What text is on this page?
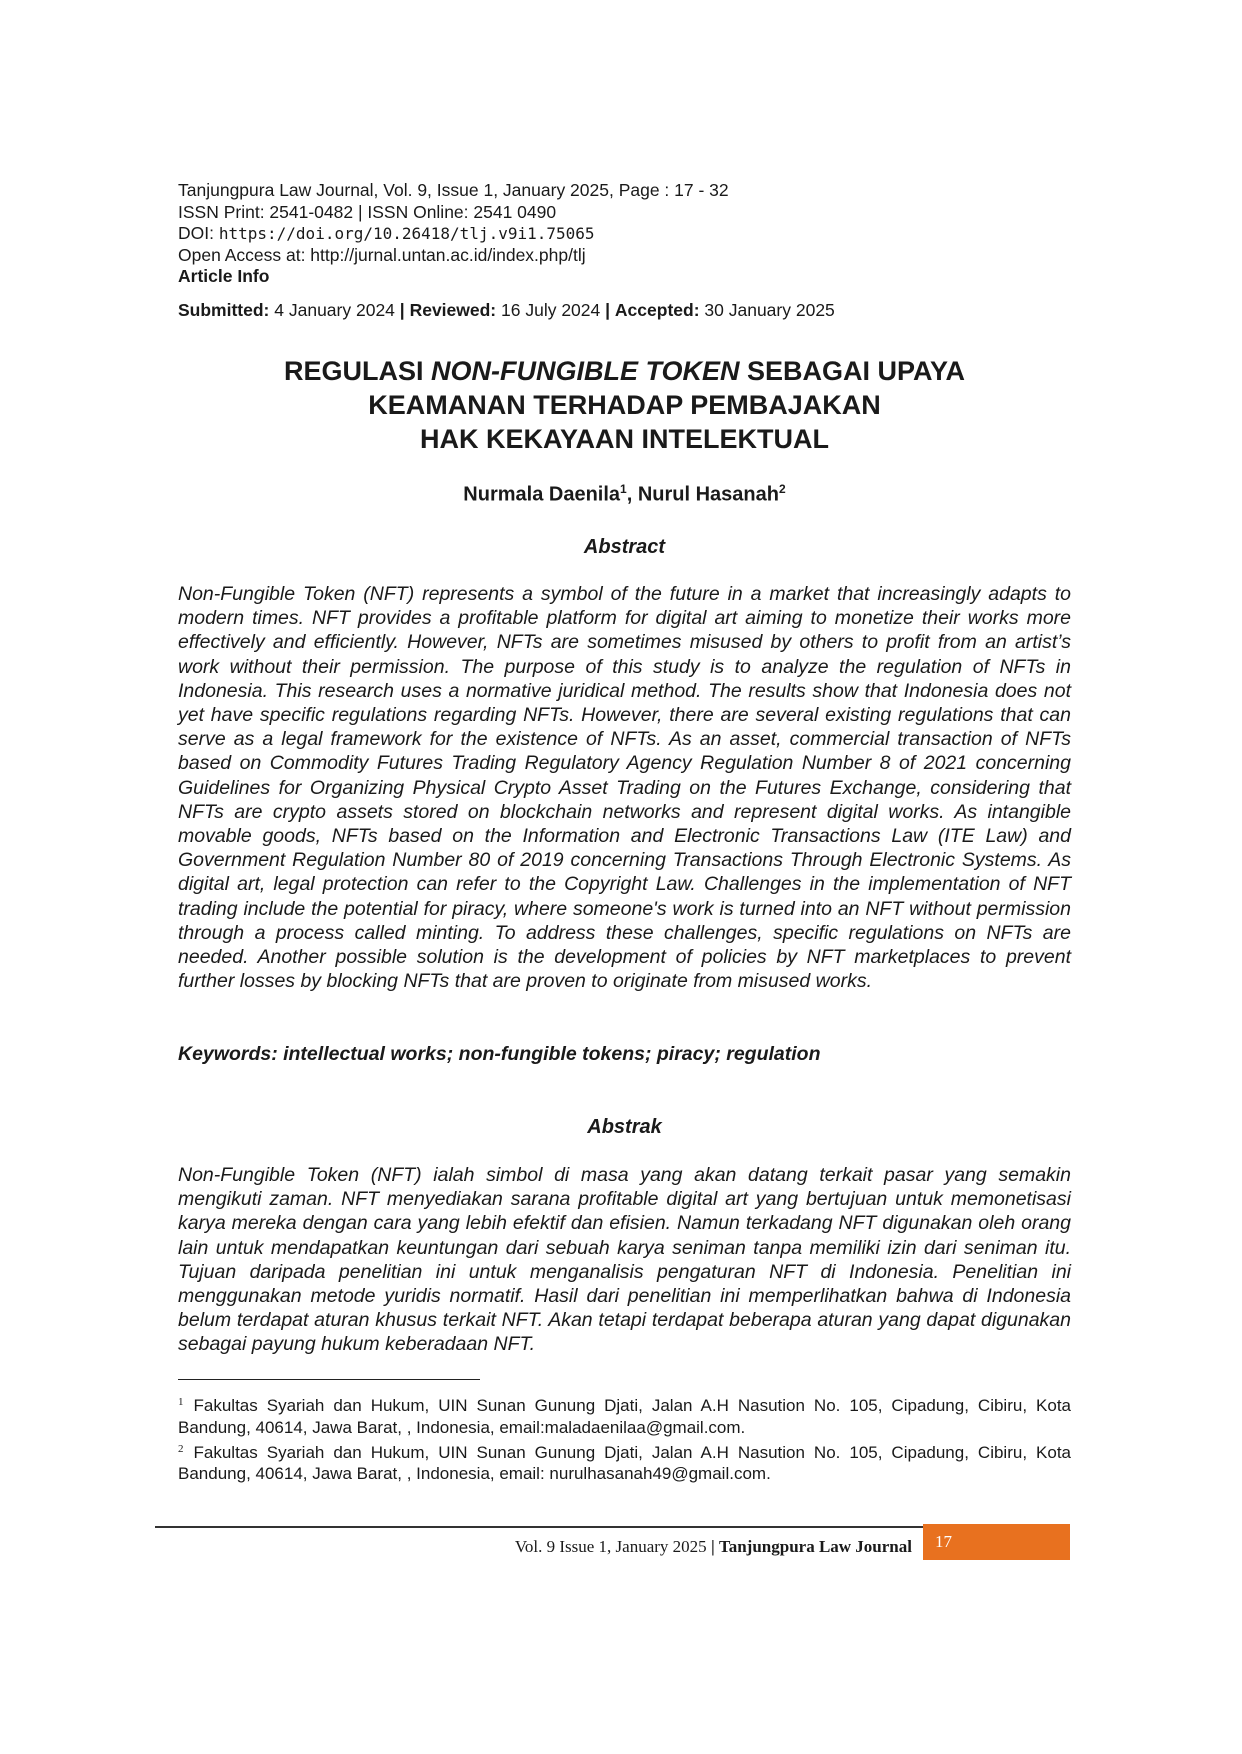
Tanjungpura Law Journal, Vol. 9, Issue 1, January 2025, Page : 17 - 32
ISSN Print: 2541-0482 | ISSN Online: 2541 0490
DOI: https://doi.org/10.26418/tlj.v9i1.75065
Open Access at: http://jurnal.untan.ac.id/index.php/tlj
Article Info
Submitted: 4 January 2024 | Reviewed: 16 July 2024 | Accepted: 30 January 2025
REGULASI NON-FUNGIBLE TOKEN SEBAGAI UPAYA
KEAMANAN TERHADAP PEMBAJAKAN
HAK KEKAYAAN INTELEKTUAL
Nurmala Daenila$^1$, Nurul Hasanah$^2$
Abstract
Non-Fungible Token (NFT) represents a symbol of the future in a market that increasingly adapts to modern times. NFT provides a profitable platform for digital art aiming to monetize their works more effectively and efficiently. However, NFTs are sometimes misused by others to profit from an artist’s work without their permission. The purpose of this study is to analyze the regulation of NFTs in Indonesia. This research uses a normative juridical method. The results show that Indonesia does not yet have specific regulations regarding NFTs. However, there are several existing regulations that can serve as a legal framework for the existence of NFTs. As an asset, commercial transaction of NFTs based on Commodity Futures Trading Regulatory Agency Regulation Number 8 of 2021 concerning Guidelines for Organizing Physical Crypto Asset Trading on the Futures Exchange, considering that NFTs are crypto assets stored on blockchain networks and represent digital works. As intangible movable goods, NFTs based on the Information and Electronic Transactions Law (ITE Law) and Government Regulation Number 80 of 2019 concerning Transactions Through Electronic Systems. As digital art, legal protection can refer to the Copyright Law. Challenges in the implementation of NFT trading include the potential for piracy, where someone's work is turned into an NFT without permission through a process called minting. To address these challenges, specific regulations on NFTs are needed. Another possible solution is the development of policies by NFT marketplaces to prevent further losses by blocking NFTs that are proven to originate from misused works.
Keywords: intellectual works; non-fungible tokens; piracy; regulation
Abstrak
Non-Fungible Token (NFT) ialah simbol di masa yang akan datang terkait pasar yang semakin mengikuti zaman. NFT menyediakan sarana profitable digital art yang bertujuan untuk memonetisasi karya mereka dengan cara yang lebih efektif dan efisien. Namun terkadang NFT digunakan oleh orang lain untuk mendapatkan keuntungan dari sebuah karya seniman tanpa memiliki izin dari seniman itu. Tujuan daripada penelitian ini untuk menganalisis pengaturan NFT di Indonesia. Penelitian ini menggunakan metode yuridis normatif. Hasil dari penelitian ini memperlihatkan bahwa di Indonesia belum terdapat aturan khusus terkait NFT. Akan tetapi terdapat beberapa aturan yang dapat digunakan sebagai payung hukum keberadaan NFT.

$^1$ Fakultas Syariah dan Hukum, UIN Sunan Gunung Djati, Jalan A.H Nasution No. 105, Cipadung, Cibiru, Kota Bandung, 40614, Jawa Barat, , Indonesia, email:maladaenilaa@gmail.com.

$^2$ Fakultas Syariah dan Hukum, UIN Sunan Gunung Djati, Jalan A.H Nasution No. 105, Cipadung, Cibiru, Kota Bandung, 40614, Jawa Barat, , Indonesia, email: nurulhasanah49@gmail.com.

Vol. 9 Issue 1, January 2025 | Tanjungpura Law Journal	17
